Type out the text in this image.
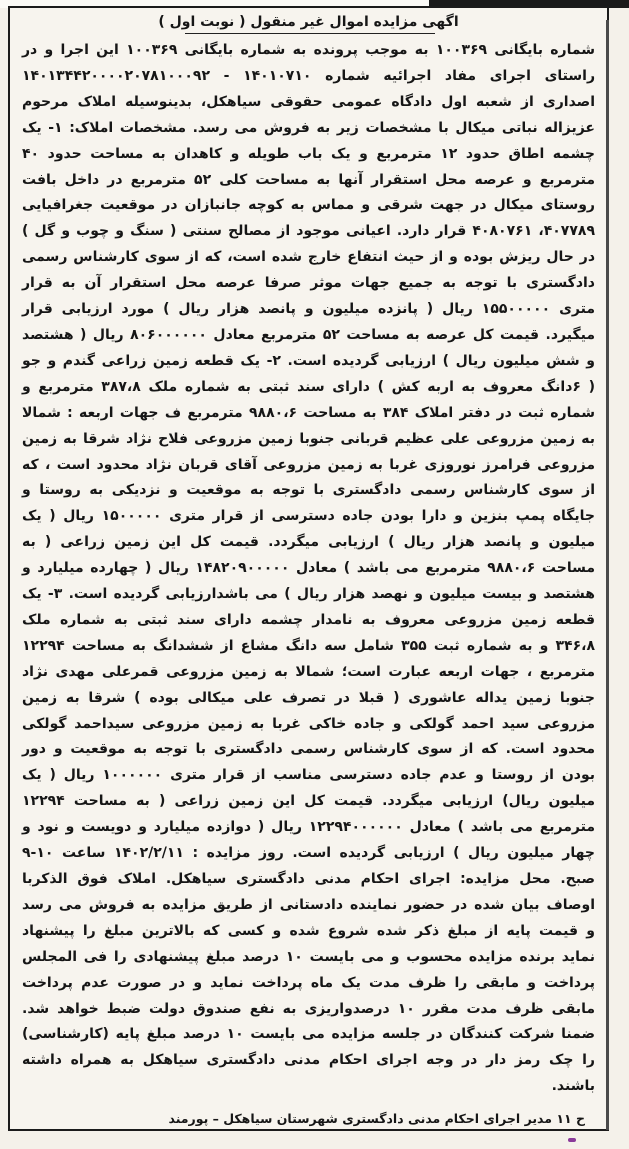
اگهی مزایده اموال غیر منقول ( نوبت اول )
شماره بایگانی ۱۰۰۳۶۹ به موجب پرونده به شماره بایگانی ۱۰۰۳۶۹ این اجرا و در راستای اجرای مفاد اجرائیه شماره ۱۴۰۱۰۷۱۰ - ۱۴۰۱۳۴۴۲۰۰۰۰۲۰۷۸۱۰۰۰۹۲ اصداری از شعبه اول دادگاه عمومی حقوقی سیاهکل، بدینوسیله املاک مرحوم عزیزاله نباتی میکال با مشخصات زیر به فروش می رسد. مشخصات املاک: ۱- یک چشمه اطاق حدود ۱۲ مترمربع و یک باب طویله و کاهدان به مساحت حدود ۴۰ مترمربع و عرصه محل استقرار آنها به مساحت کلی ۵۲ مترمربع در داخل بافت روستای میکال در جهت شرقی و مماس به کوچه جانبازان در موقعیت جغرافیایی ۴۰۷۷۸۹، ۴۰۸۰۷۶۱ قرار دارد. اعیانی موجود از مصالح سنتی ( سنگ و چوب و گل ) در حال ریزش بوده و از حیث انتفاع خارج شده است، که از سوی کارشناس رسمی دادگستری با توجه به جمیع جهات موثر صرفا عرصه محل استقرار آن به قرار متری ۱۵۵۰۰۰۰۰ ریال ( پانزده میلیون و پانصد هزار ریال ) مورد ارزیابی قرار میگیرد. قیمت کل عرصه به مساحت ۵۲ مترمربع معادل ۸۰۶۰۰۰۰۰۰ ریال ( هشتصد و شش میلیون ریال ) ارزیابی گردیده است. ۲- یک قطعه زمین زراعی گندم و جو ( ۶دانگ معروف به اربه کش ) دارای سند ثبتی به شماره ملک ۳۸۷،۸ مترمربع و شماره ثبت در دفتر املاک ۳۸۴ به مساحت ۹۸۸۰،۶ مترمربع ف جهات اربعه : شمالا به زمین مزروعی علی عظیم قربانی جنوبا زمین مزروعی فلاح نژاد شرقا به زمین مزروعی فرامرز نوروزی غربا به زمین مزروعی آقای قربان نژاد محدود است ، که از سوی کارشناس رسمی دادگستری با توجه به موقعیت و نزدیکی به روستا و جایگاه پمپ بنزین و دارا بودن جاده دسترسی از قرار متری ۱۵۰۰۰۰۰ ریال ( یک میلیون و پانصد هزار ریال ) ارزیابی میگردد. قیمت کل این زمین زراعی ( به مساحت ۹۸۸۰،۶ مترمربع می باشد ) معادل ۱۴۸۲۰۹۰۰۰۰۰ ریال ( چهارده میلیارد و هشتصد و بیست میلیون و نهصد هزار ریال ) می باشدارزیابی گردیده است. ۳- یک قطعه زمین مزروعی معروف به نامدار چشمه دارای سند ثبتی به شماره ملک ۳۴۶،۸ و به شماره ثبت ۳۵۵ شامل سه دانگ مشاع از ششدانگ به مساحت ۱۲۲۹۴ مترمربع ، جهات اربعه عبارت است؛ شمالا به زمین مزروعی قمرعلی مهدی نژاد جنوبا زمین یداله عاشوری ( قبلا در تصرف علی میکالی بوده ) شرقا به زمین مزروعی سید احمد گولکی و جاده خاکی غربا به زمین مزروعی سیداحمد گولکی محدود است. که از سوی کارشناس رسمی دادگستری با توجه به موقعیت و دور بودن از روستا و عدم جاده دسترسی مناسب از قرار متری ۱۰۰۰۰۰۰ ریال ( یک میلیون ریال) ارزیابی میگردد. قیمت کل این زمین زراعی ( به مساحت ۱۲۲۹۴ مترمربع می باشد ) معادل ۱۲۲۹۴۰۰۰۰۰۰ ریال ( دوازده میلیارد و دویست و نود و چهار میلیون ریال ) ارزیابی گردیده است. روز مزایده : ۱۴۰۲/۲/۱۱ ساعت ۱۰-۹ صبح. محل مزایده: اجرای احکام مدنی دادگستری سیاهکل. املاک فوق الذکربا اوصاف بیان شده در حضور نماینده دادستانی از طریق مزایده به فروش می رسد و قیمت پایه از مبلغ ذکر شده شروع شده و کسی که بالاترین مبلغ را پیشنهاد نماید برنده مزایده محسوب و می بایست ۱۰ درصد مبلغ پیشنهادی را فی المجلس پرداخت و مابقی را ظرف مدت یک ماه پرداخت نماید و در صورت عدم پرداخت مابقی ظرف مدت مقرر ۱۰ درصدواریزی به نفع صندوق دولت ضبط خواهد شد. ضمنا شرکت کنندگان در جلسه مزایده می بایست ۱۰ درصد مبلغ پایه (کارشناسی) را چک رمز دار در وجه اجرای احکام مدنی دادگستری سیاهکل به همراه داشته باشند.
ح ۱۱ مدیر اجرای احکام مدنی دادگستری شهرستان سیاهکل – پورمند
